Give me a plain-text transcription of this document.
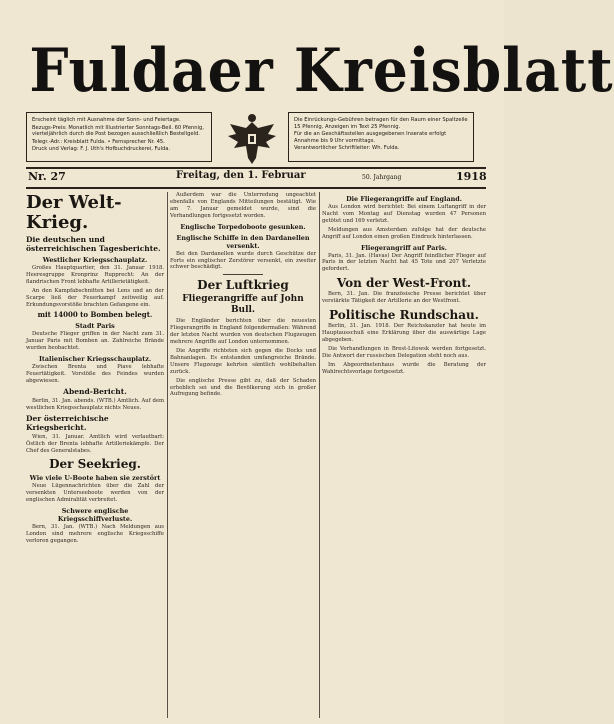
Fuldaer Kreisblatt

Erscheint täglich mit Ausnahme der Sonn- und Feiertage.

Bezugs-Preis: Monatlich mit Illustrierter Sonntags-Beil. 60 Pfennig, vierteljährlich durch die Post bezogen ausschließlich Bestellgeld.

Telegr.-Adr.: Kreisblatt Fulda. • Fernsprecher Nr. 45.

Druck und Verlag: F. J. Uth's Hofbuchdruckerei, Fulda.

Die Einrückungs-Gebühren betragen für den Raum einer Spaltzeile 15 Pfennig, Anzeigen im Text 25 Pfennig.

Für die an Geschäftsstellen ausgegebenen Inserate erfolgt Annahme bis 9 Uhr vormittags.

Verantwortlicher Schriftleiter: Wh. Fulda.

Nr. 27	Freitag, den 1. Februar	50. Jahrgang	1918
Der Welt-Krieg.
Die deutschen und österreichischen Tagesberichte.
Westlicher Kriegsschauplatz.

Großes Hauptquartier, den 31. Januar 1918. Heeresgruppe Kronprinz Rupprecht: An der flandrischen Front lebhafte Artillerietätigkeit.

An den Kampfabschnitten bei Lens und an der Scarpe ließ der Feuerkampf zeitweilig auf. Erkundungsvorstöße brachten Gefangene ein.

mit 14000 to Bomben belegt.
Stadt Paris

Deutsche Flieger griffen in der Nacht zum 31. Januar Paris mit Bomben an. Zahlreiche Brände wurden beobachtet.

Italienischer Kriegsschauplatz.

Zwischen Brenta und Piave lebhafte Feuertätigkeit. Vorstöße des Feindes wurden abgewiesen.

Abend-Bericht.

Berlin, 31. Jan. abends. (WTB.) Amtlich. Auf dem westlichen Kriegsschauplatz nichts Neues.

Der österreichische Kriegsbericht.

Wien, 31. Januar. Amtlich wird verlautbart: Östlich der Brenta lebhafte Artilleriekämpfe. Der Chef des Generalstabes.

Der Seekrieg.
Wie viele U-Boote haben sie zerstört

Neue Lügennachrichten über die Zahl der versenkten Unterseeboote werden von der englischen Admiralität verbreitet.

Schwere englische Kriegsschiffverluste.

Bern, 31. Jan. (WTB.) Nach Meldungen aus London sind mehrere englische Kriegsschiffe verloren gegangen.

Außerdem war die Unterredung ungeachtet ebenfalls von Englands Mitteilungen bestätigt. Wie am 7. Januar gemeldet wurde, sind die Verhandlungen fortgesetzt worden.

Englische Torpedoboote gesunken.
Englische Schiffe in den Dardanellen versenkt.

Bei den Dardanellen wurde durch Geschütze der Forts ein englischer Zerstörer versenkt, ein zweiter schwer beschädigt.

Der Luftkrieg
Fliegerangriffe auf John Bull.

Die Engländer berichten über die neuesten Fliegerangriffe in England folgendermaßen: Während der letzten Nacht wurden von deutschen Flugzeugen mehrere Angriffe auf London unternommen.

Die Angriffe richteten sich gegen die Docks und Bahnanlagen. Es entstanden umfangreiche Brände. Unsere Flugzeuge kehrten sämtlich wohlbehalten zurück.

Die englische Presse gibt zu, daß der Schaden erheblich sei und die Bevölkerung sich in großer Aufregung befinde.

Die Fliegerangriffe auf England.

Aus London wird berichtet: Bei einem Luftangriff in der Nacht vom Montag auf Dienstag wurden 47 Personen getötet und 169 verletzt.

Meldungen aus Amsterdam zufolge hat der deutsche Angriff auf London einen großen Eindruck hinterlassen.

Fliegerangriff auf Paris.

Paris, 31. Jan. (Havas) Der Angriff feindlicher Flieger auf Paris in der letzten Nacht hat 45 Tote und 207 Verletzte gefordert.

Von der West-Front.

Bern, 31. Jan. Die französische Presse berichtet über verstärkte Tätigkeit der Artillerie an der Westfront.

Politische Rundschau.

Berlin, 31. Jan. 1918. Der Reichskanzler hat heute im Hauptausschuß eine Erklärung über die auswärtige Lage abgegeben.

Die Verhandlungen in Brest-Litowsk werden fortgesetzt. Die Antwort der russischen Delegation steht noch aus.

Im Abgeordnetenhaus wurde die Beratung der Wahlrechtsvorlage fortgesetzt.
